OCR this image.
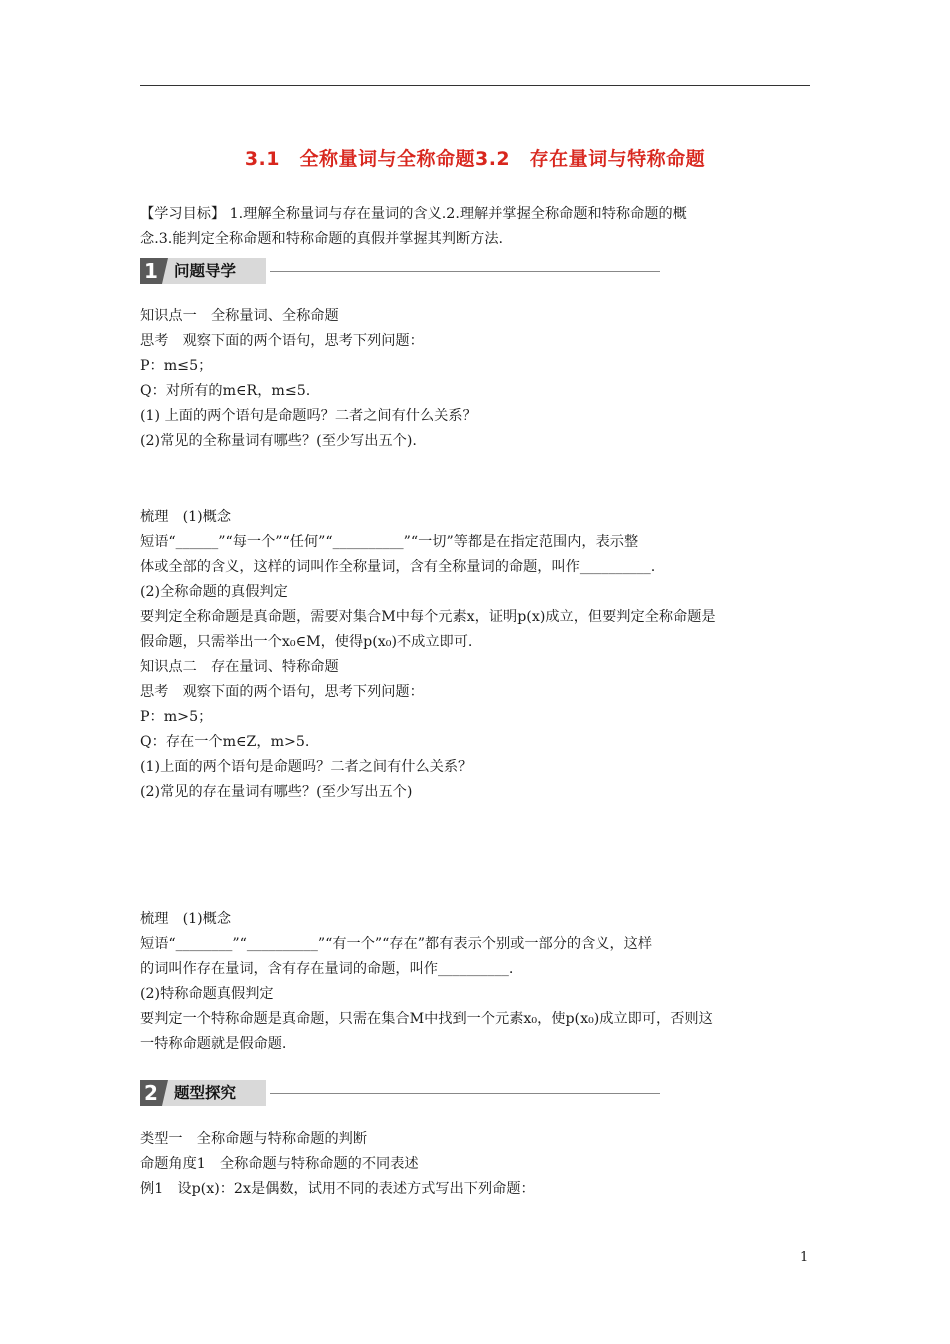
3.1　全称量词与全称命题3.2　存在量词与特称命题
【学习目标】 1.理解全称量词与存在量词的含义.2.理解并掌握全称命题和特称命题的概
念.3.能判定全称命题和特称命题的真假并掌握其判断方法.
1 问题导学
知识点一　全称量词、全称命题
思考　观察下面的两个语句，思考下列问题：
P：m≤5；
Q：对所有的m∈R，m≤5.
(1) 上面的两个语句是命题吗？二者之间有什么关系？
(2)常见的全称量词有哪些？(至少写出五个).
梳理　(1)概念
短语“______”“每一个”“任何”“__________”“一切”等都是在指定范围内，表示整
体或全部的含义，这样的词叫作全称量词，含有全称量词的命题，叫作__________.
(2)全称命题的真假判定
要判定全称命题是真命题，需要对集合M中每个元素x，证明p(x)成立，但要判定全称命题是
假命题，只需举出一个x₀∈M，使得p(x₀)不成立即可.
知识点二　存在量词、特称命题
思考　观察下面的两个语句，思考下列问题：
P：m>5；
Q：存在一个m∈Z，m>5.
(1)上面的两个语句是命题吗？二者之间有什么关系？
(2)常见的存在量词有哪些？(至少写出五个)
梳理　(1)概念
短语“________”“__________”“有一个”“存在”都有表示个别或一部分的含义，这样
的词叫作存在量词，含有存在量词的命题，叫作__________.
(2)特称命题真假判定
要判定一个特称命题是真命题，只需在集合M中找到一个元素x₀，使p(x₀)成立即可，否则这
一特称命题就是假命题.
2 题型探究
类型一　全称命题与特称命题的判断
命题角度1　全称命题与特称命题的不同表述
例1　设p(x)：2x是偶数，试用不同的表述方式写出下列命题：
1
